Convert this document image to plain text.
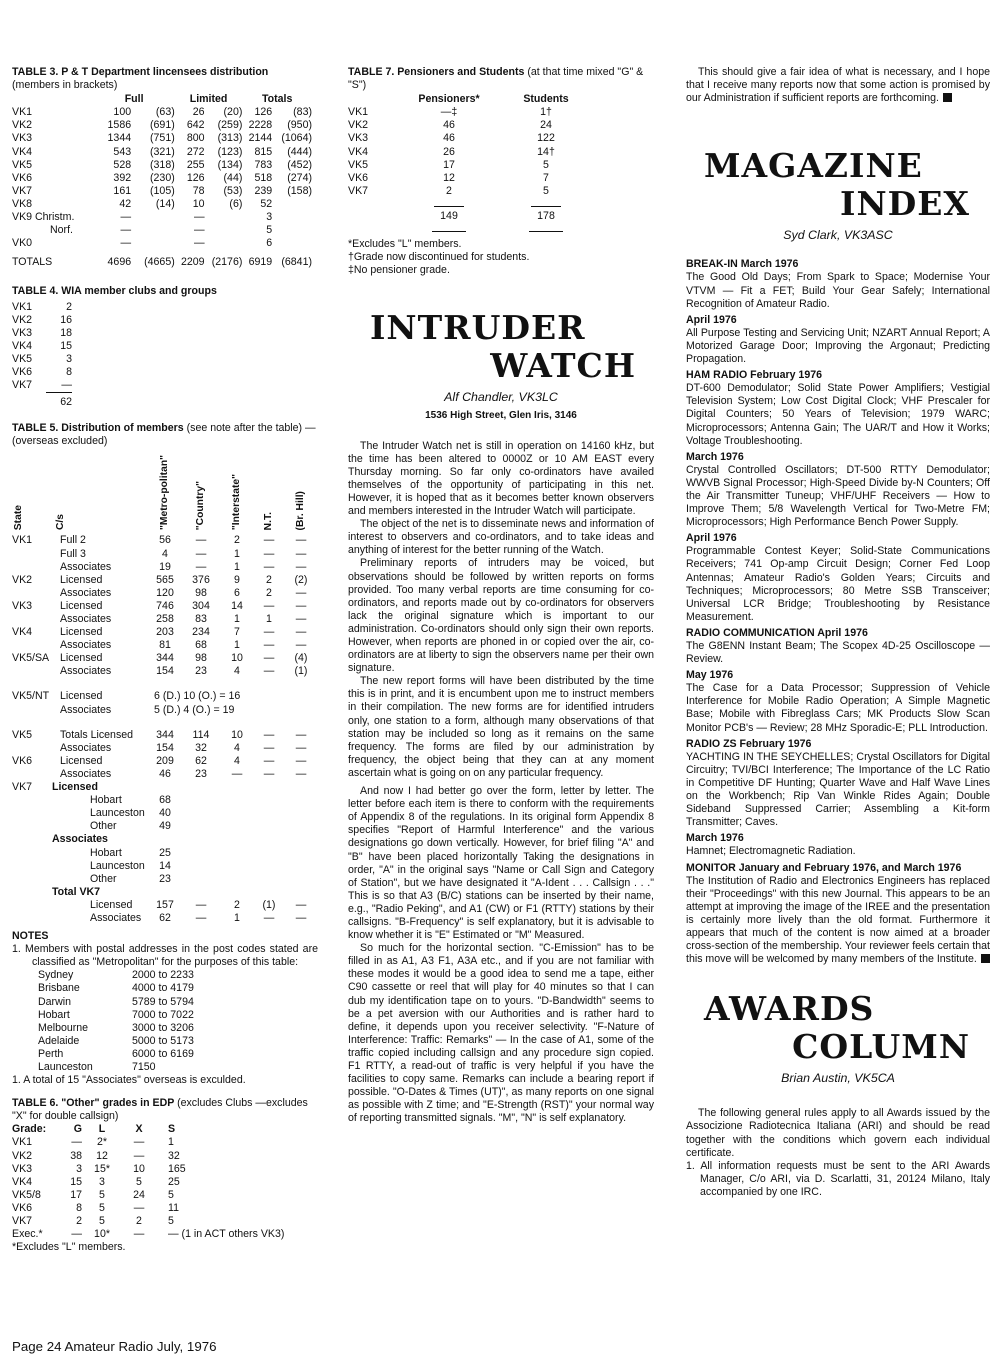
TABLE 3. P & T Department lincensees distribution (members in brackets)

	Full		Limited		Totals	
VK1	100	(63)	26	(20)	126	(83)
VK2	1586	(691)	642	(259)	2228	(950)
VK3	1344	(751)	800	(313)	2144	(1064)
VK4	543	(321)	272	(123)	815	(444)
VK5	528	(318)	255	(134)	783	(452)
VK6	392	(230)	126	(44)	518	(274)
VK7	161	(105)	78	(53)	239	(158)
VK8	42	(14)	10	(6)	52	
VK9 Christm.	—		—		3	
Norf.	—		—		5	
VK0	—		—		6	

TOTALS	4696	(4665)	2209	(2176)	6919	(6841)

TABLE 4. WIA member clubs and groups

VK1	2
VK2	16
VK3	18
VK4	15
VK5	3
VK6	8
VK7	—
	62

TABLE 5. Distribution of members (see note after the table) — (overseas excluded)

State	C/s	"Metro-politan"	"Country"	"Interstate"	N.T.	(Br. Hill)
VK1	Full 2	56	—	2	—	—
	Full 3	4	—	1	—	—
	Associates	19	—	1	—	—
VK2	Licensed	565	376	9	2	(2)
	Associates	120	98	6	2	—
VK3	Licensed	746	304	14	—	—
	Associates	258	83	1	1	—
VK4	Licensed	203	234	7	—	—
	Associates	81	68	1	—	—
VK5/SA	Licensed	344	98	10	—	(4)
	Associates	154	23	4	—	(1)

VK5/NT	Licensed	6 (D.) 10 (O.) = 16				
	Associates	5 (D.) 4 (O.) = 19				

VK5	Totals Licensed	344	114	10	—	—
	Associates	154	32	4	—	—
VK6	Licensed	209	62	4	—	—
	Associates	46	23	—	—	—
VK7	Licensed					
	Hobart	68				
	Launceston	40				
	Other	49				
	Associates					
	Hobart	25				
	Launceston	14				
	Other	23				
	Total VK7					
	Licensed	157	—	2	(1)	—
	Associates	62	—	1	—	—

NOTES

1. Members with postal addresses in the post codes stated are classified as "Metropolitan" for the purposes of this table:

Sydney	2000 to 2233
Brisbane	4000 to 4179
Darwin	5789 to 5794
Hobart	7000 to 7022
Melbourne	3000 to 3206
Adelaide	5000 to 5173
Perth	6000 to 6169
Launceston	7150

1. A total of 15 "Associates" overseas is exculded.

TABLE 6. "Other" grades in EDP (excludes Clubs —excludes "X" for double callsign)

Grade:	G	L	X	S
VK1	—	2*	—	1
VK2	38	12	—	32
VK3	3	15*	10	165
VK4	15	3	5	25
VK5/8	17	5	24	5
VK6	8	5	—	11
VK7	2	5	2	5
Exec.*	—	10*	—	— (1 in ACT others VK3)

*Excludes "L" members.

TABLE 7. Pensioners and Students (at that time mixed "G" & "S")

	Pensioners*	Students
VK1	—‡	1†
VK2	46	24
VK3	46	122
VK4	26	14†
VK5	17	5
VK6	12	7
VK7	2	5
	149	178

*Excludes "L" members.

†Grade now discontinued for students.

‡No pensioner grade.

INTRUDER
WATCH
Alf Chandler, VK3LC
1536 High Street, Glen Iris, 3146

The Intruder Watch net is still in operation on 14160 kHz, but the time has been altered to 0000Z or 10 AM EAST every Thursday morning. So far only co-ordinators have availed themselves of the opportunity of participating in this net. However, it is hoped that as it becomes better known observers and members interested in the Intruder Watch will participate.

The object of the net is to disseminate news and information of interest to observers and co-ordinators, and to take ideas and anything of interest for the better running of the Watch.

Preliminary reports of intruders may be voiced, but observations should be followed by written reports on forms provided. Too many verbal reports are time consuming for co-ordinators, and reports made out by co-ordinators for observers lack the original signature which is important to our administration. Co-ordinators should only sign their own reports. However, when reports are phoned in or copied over the air, co-ordinators are at liberty to sign the observers name per their own signature.

The new report forms will have been distributed by the time this is in print, and it is encumbent upon me to instruct members in their compilation. The new forms are for identified intruders only, one station to a form, although many observations of that station may be included so long as it remains on the same frequency. The forms are filed by our administration by frequency, the object being that they can at any moment ascertain what is going on on any particular frequency.

And now I had better go over the form, letter by letter. The letter before each item is there to conform with the requirements of Appendix 8 of the regulations. In its original form Appendix 8 specifies "Report of Harmful Interference" and the various designations go down vertically. However, for brief filing "A" and "B" have been placed horizontally Taking the designations in order, "A" in the original says "Name or Call Sign and Category of Station", but we have designated it "A-Ident . . . Callsign . . ." This is so that A3 (B/C) stations can be inserted by their name, e.g., "Radio Peking", and A1 (CW) or F1 (RTTY) stations by their callsigns. "B-Frequency" is self explanatory, but it is advisable to know whether it is "E" Estimated or "M" Measured.

So much for the horizontal section. "C-Emission" has to be filled in as A1, A3 F1, A3A etc., and if you are not familiar with these modes it would be a good idea to send me a tape, either C90 cassette or reel that will play for 40 minutes so that I can dub my identification tape on to yours. "D-Bandwidth" seems to be a pet aversion with our Authorities and is rather hard to define, it depends upon you receiver selectivity. "F-Nature of Interference: Traffic: Remarks" — In the case of A1, some of the traffic copied including callsign and any procedure sign copied. F1 RTTY, a read-out of traffic is very helpful if you have the facilities to copy same. Remarks can include a bearing report if possible. "O-Dates & Times (UT)", as many reports on one signal as possible with Z time; and "E-Strength (RST)" your normal way of reporting transmitted signals. "M", "N" is self explanatory.

This should give a fair idea of what is necessary, and I hope that I receive many reports now that some action is promised by our Administration if sufficient reports are forthcoming.

MAGAZINE
INDEX
Syd Clark, VK3ASC

BREAK-IN March 1976

The Good Old Days; From Spark to Space; Modernise Your VTVM — Fit a FET; Build Your Gear Safely; International Recognition of Amateur Radio.

April 1976

All Purpose Testing and Servicing Unit; NZART Annual Report; A Motorized Garage Door; Improving the Argonaut; Predicting Propagation.

HAM RADIO February 1976

DT-600 Demodulator; Solid State Power Amplifiers; Vestigial Television System; Low Cost Digital Clock; VHF Prescaler for Digital Counters; 50 Years of Television; 1979 WARC; Microprocessors; Antenna Gain; The UAR/T and How it Works; Voltage Troubleshooting.

March 1976

Crystal Controlled Oscillators; DT-500 RTTY Demodulator; WWVB Signal Processor; High-Speed Divide by-N Counters; Off the Air Transmitter Tuneup; VHF/UHF Receivers — How to Improve Them; 5/8 Wavelength Vertical for Two-Metre FM; Microprocessors; High Performance Bench Power Supply.

April 1976

Programmable Contest Keyer; Solid-State Communications Receivers; 741 Op-amp Circuit Design; Corner Fed Loop Antennas; Amateur Radio's Golden Years; Circuits and Techniques; Microprocessors; 80 Metre SSB Transceiver; Universal LCR Bridge; Troubleshooting by Resistance Measurement.

RADIO COMMUNICATION April 1976

The G8ENN Instant Beam; The Scopex 4D-25 Oscilloscope — Review.

May 1976

The Case for a Data Processor; Suppression of Vehicle Interference for Mobile Radio Operation; A Simple Magnetic Base; Mobile with Fibreglass Cars; MK Products Slow Scan Monitor PCB's — Review; 28 MHz Sporadic-E; PLL Introduction.

RADIO ZS February 1976

YACHTING IN THE SEYCHELLES; Crystal Oscillators for Digital Circuitry; TVI/BCI Interference; The Importance of the LC Ratio in Competitive DF Hunting; Quarter Wave and Half Wave Lines on the Workbench; Rip Van Winkle Rides Again; Double Sideband Suppressed Carrier; Assembling a Kit-form Transmitter; Caves.

March 1976

Hamnet; Electromagnetic Radiation.

MONITOR January and February 1976, and March 1976

The Institution of Radio and Electronics Engineers has replaced their "Proceedings" with this new Journal. This appears to be an attempt at improving the image of the IREE and the presentation is certainly more lively than the old format. Furthermore it appears that much of the content is now aimed at a broader cross-section of the membership. Your reviewer feels certain that this move will be welcomed by many members of the Institute.

AWARDS
COLUMN
Brian Austin, VK5CA

The following general rules apply to all Awards issued by the Associzione Radiotecnica Italiana (ARI) and should be read together with the conditions which govern each individual certificate.

1. All information requests must be sent to the ARI Awards Manager, C/o ARI, via D. Scarlatti, 31, 20124 Milano, Italy accompanied by one IRC.

Page 24 Amateur Radio July, 1976
